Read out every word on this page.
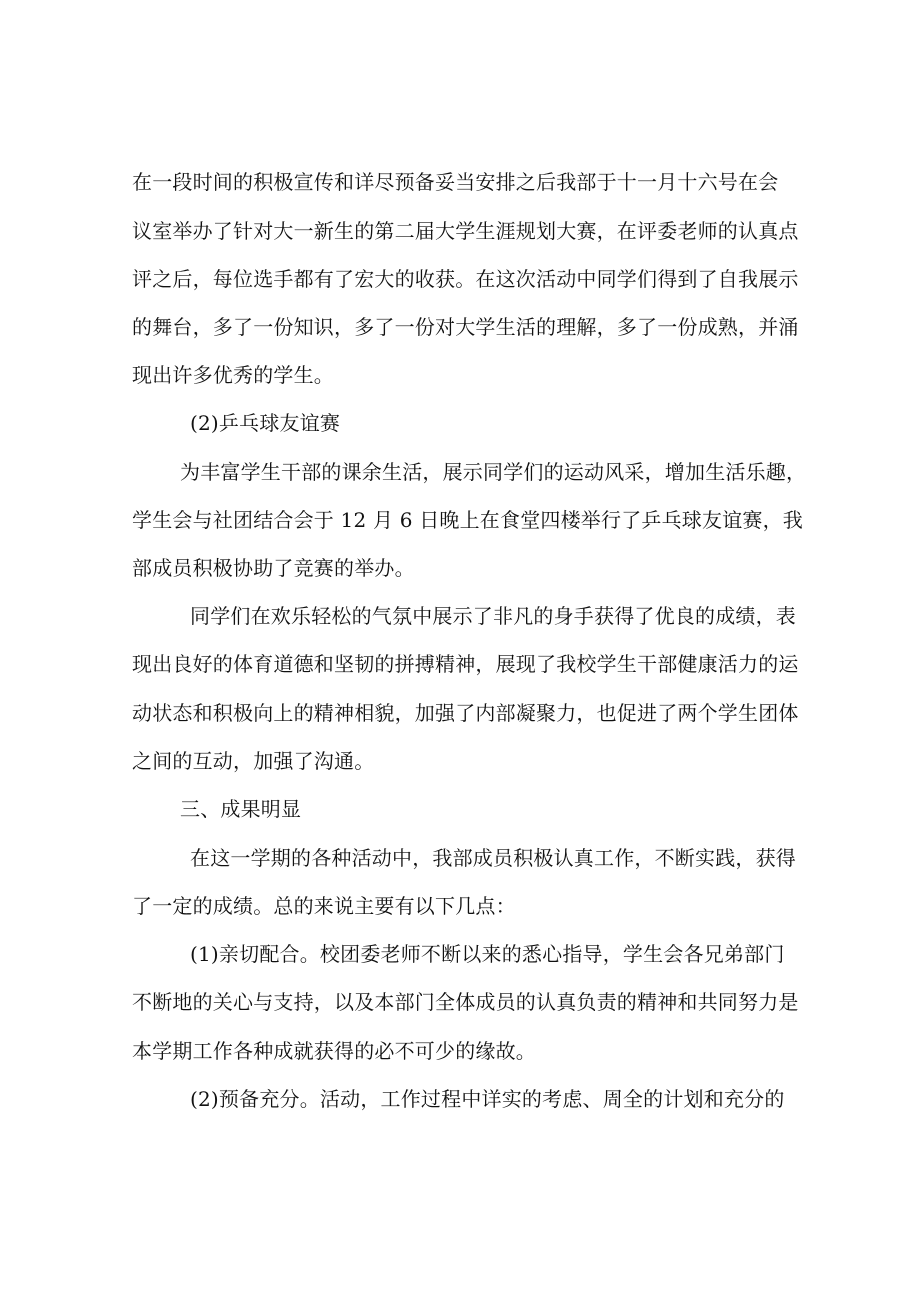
在一段时间的积极宣传和详尽预备妥当安排之后我部于十一月十六号在会
议室举办了针对大一新生的第二届大学生涯规划大赛，在评委老师的认真点
评之后，每位选手都有了宏大的收获。在这次活动中同学们得到了自我展示
的舞台，多了一份知识，多了一份对大学生活的理解，多了一份成熟，并涌
现出许多优秀的学生。
(2)乒乓球友谊赛
为丰富学生干部的课余生活，展示同学们的运动风采，增加生活乐趣，
学生会与社团结合会于 12 月 6 日晚上在食堂四楼举行了乒乓球友谊赛，我
部成员积极协助了竞赛的举办。
同学们在欢乐轻松的气氛中展示了非凡的身手获得了优良的成绩，表
现出良好的体育道德和坚韧的拼搏精神，展现了我校学生干部健康活力的运
动状态和积极向上的精神相貌，加强了内部凝聚力，也促进了两个学生团体
之间的互动，加强了沟通。
三、成果明显
在这一学期的各种活动中，我部成员积极认真工作，不断实践，获得
了一定的成绩。总的来说主要有以下几点：
(1)亲切配合。校团委老师不断以来的悉心指导，学生会各兄弟部门
不断地的关心与支持，以及本部门全体成员的认真负责的精神和共同努力是
本学期工作各种成就获得的必不可少的缘故。
(2)预备充分。活动，工作过程中详实的考虑、周全的计划和充分的
